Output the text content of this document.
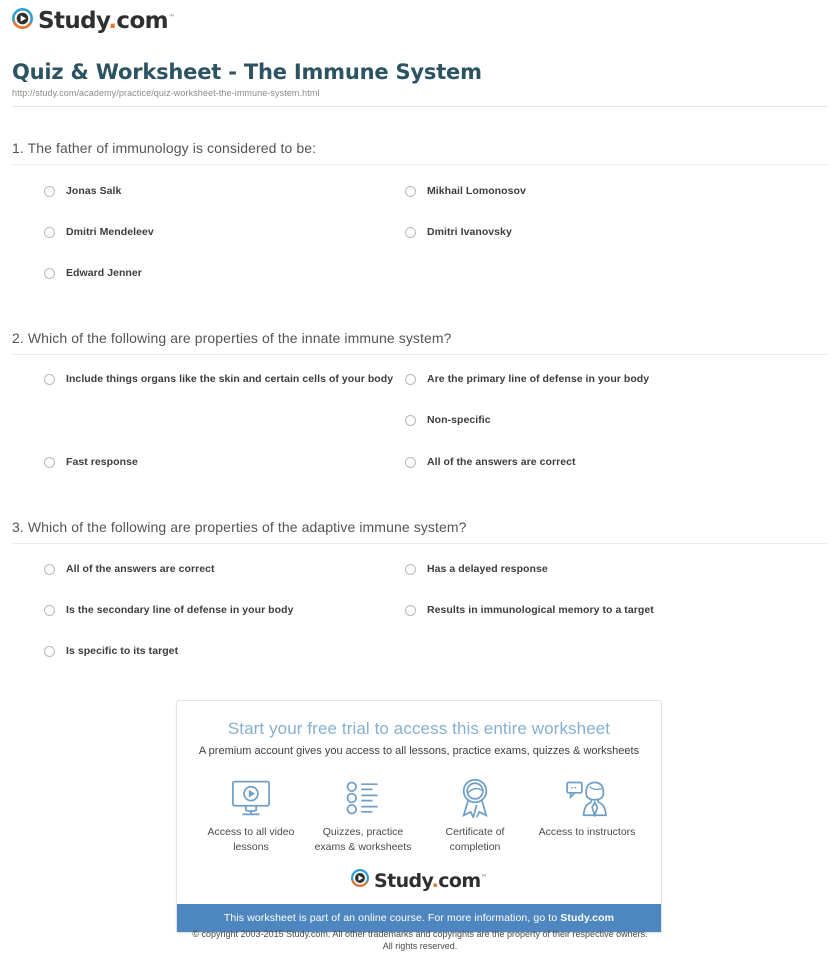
Study.com™
Quiz & Worksheet - The Immune System
http://study.com/academy/practice/quiz-worksheet-the-immune-system.html
1. The father of immunology is considered to be:
Jonas Salk
Dmitri Mendeleev
Edward Jenner
Mikhail Lomonosov
Dmitri Ivanovsky
2. Which of the following are properties of the innate immune system?
Include things organs like the skin and certain cells of your body
Fast response
Are the primary line of defense in your body
Non-specific
All of the answers are correct
3. Which of the following are properties of the adaptive immune system?
All of the answers are correct
Is the secondary line of defense in your body
Is specific to its target
Has a delayed response
Results in immunological memory to a target
Start your free trial to access this entire worksheet
A premium account gives you access to all lessons, practice exams, quizzes & worksheets
Access to all video lessons
Quizzes, practice exams & worksheets
Certificate of completion
Access to instructors
Study.com™
This worksheet is part of an online course. For more information, go to Study.com
© copyright 2003-2015 Study.com. All other trademarks and copyrights are the property of their respective owners.
All rights reserved.
